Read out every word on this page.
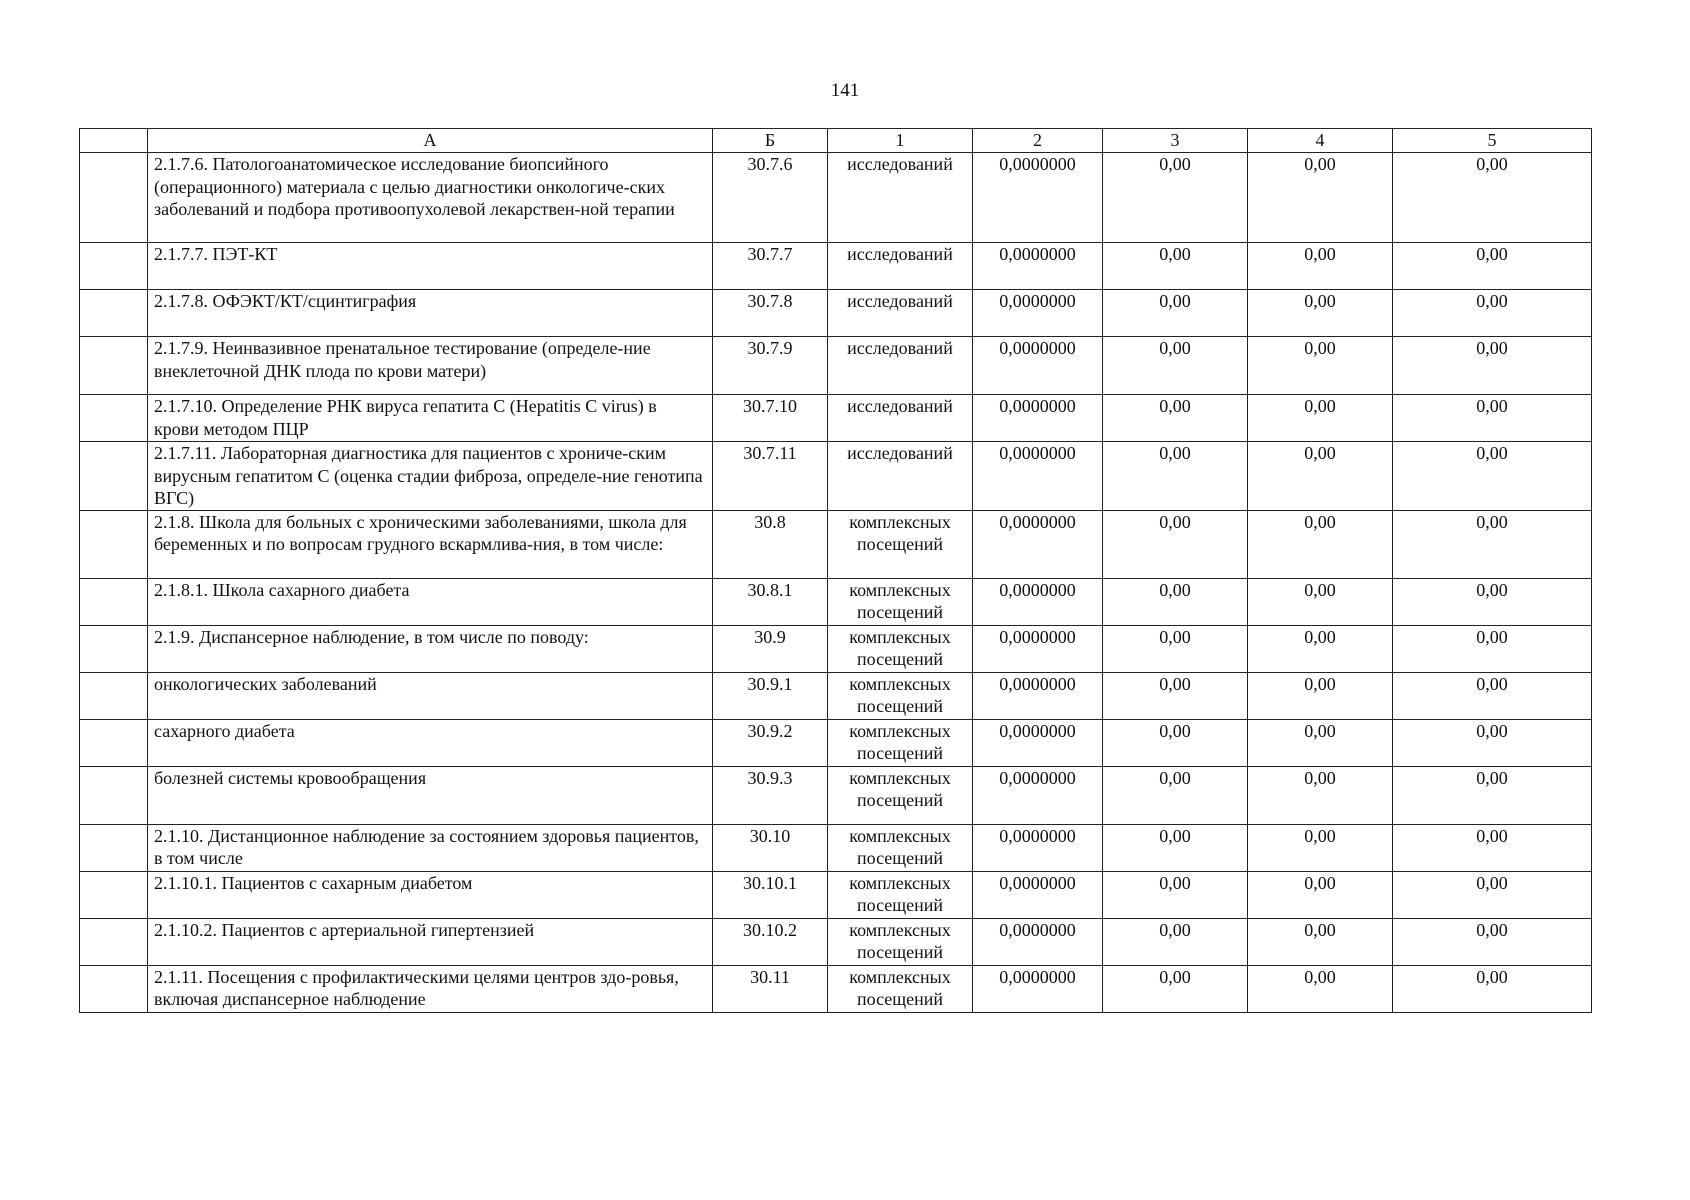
141
	А	Б	1	2	3	4	5
	2.1.7.6. Патологоанатомическое исследование биопсийного (операционного) материала с целью диагностики онкологиче-ских заболеваний и подбора противоопухолевой лекарствен-ной терапии	30.7.6	исследований	0,0000000	0,00	0,00	0,00
	2.1.7.7. ПЭТ-КТ	30.7.7	исследований	0,0000000	0,00	0,00	0,00
	2.1.7.8. ОФЭКТ/КТ/сцинтиграфия	30.7.8	исследований	0,0000000	0,00	0,00	0,00
	2.1.7.9. Неинвазивное пренатальное тестирование (определе-ние внеклеточной ДНК плода по крови матери)	30.7.9	исследований	0,0000000	0,00	0,00	0,00
	2.1.7.10. Определение РНК вируса гепатита С (Hepatitis C virus) в крови методом ПЦР	30.7.10	исследований	0,0000000	0,00	0,00	0,00
	2.1.7.11. Лабораторная диагностика для пациентов с хрониче-ским вирусным гепатитом С (оценка стадии фиброза, определе-ние генотипа ВГС)	30.7.11	исследований	0,0000000	0,00	0,00	0,00
	2.1.8. Школа для больных с хроническими заболеваниями, школа для беременных и по вопросам грудного вскармлива-ния, в том числе:	30.8	комплексных посещений	0,0000000	0,00	0,00	0,00
	2.1.8.1. Школа сахарного диабета	30.8.1	комплексных посещений	0,0000000	0,00	0,00	0,00
	2.1.9. Диспансерное наблюдение, в том числе по поводу:	30.9	комплексных посещений	0,0000000	0,00	0,00	0,00
	онкологических заболеваний	30.9.1	комплексных посещений	0,0000000	0,00	0,00	0,00
	сахарного диабета	30.9.2	комплексных посещений	0,0000000	0,00	0,00	0,00
	болезней системы кровообращения	30.9.3	комплексных посещений	0,0000000	0,00	0,00	0,00
	2.1.10. Дистанционное наблюдение за состоянием здоровья пациентов, в том числе	30.10	комплексных посещений	0,0000000	0,00	0,00	0,00
	2.1.10.1. Пациентов с сахарным диабетом	30.10.1	комплексных посещений	0,0000000	0,00	0,00	0,00
	2.1.10.2. Пациентов с артериальной гипертензией	30.10.2	комплексных посещений	0,0000000	0,00	0,00	0,00
	2.1.11. Посещения с профилактическими целями центров здо-ровья, включая диспансерное наблюдение	30.11	комплексных посещений	0,0000000	0,00	0,00	0,00
